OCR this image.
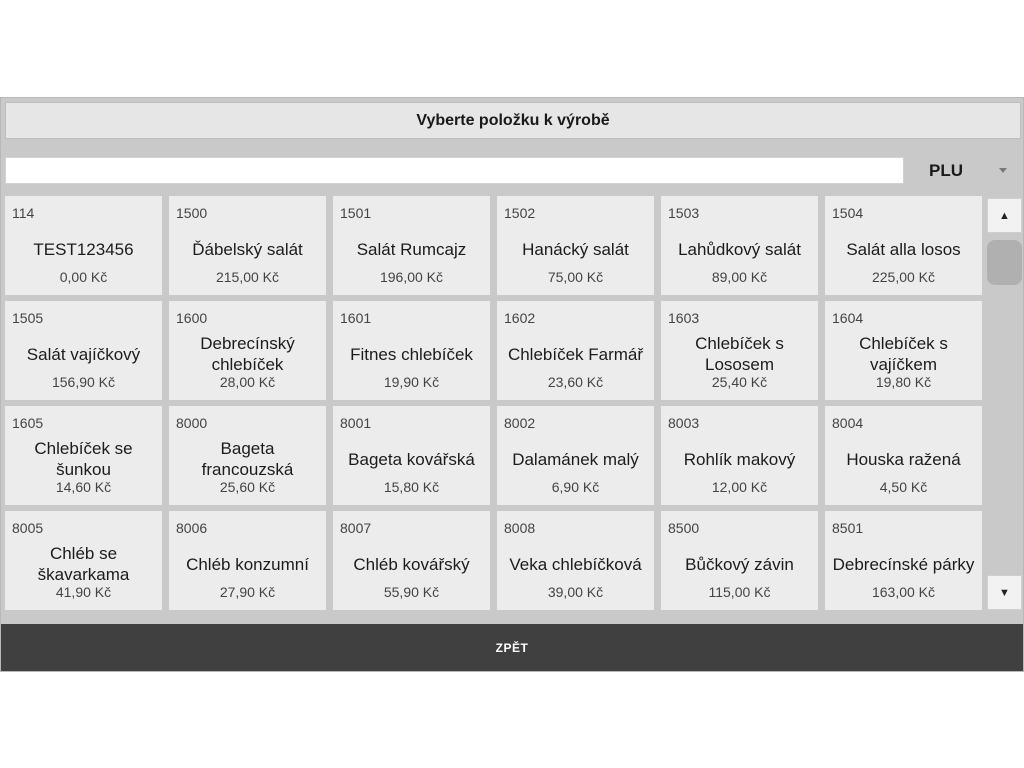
Vyberte položku k výrobě
PLU
114
TEST123456
0,00 Kč
1500
Ďábelský salát
215,00 Kč
1501
Salát Rumcajz
196,00 Kč
1502
Hanácký salát
75,00 Kč
1503
Lahůdkový salát
89,00 Kč
1504
Salát alla losos
225,00 Kč
1505
Salát vajíčkový
156,90 Kč
1600
Debrecínský chlebíček
28,00 Kč
1601
Fitnes chlebíček
19,90 Kč
1602
Chlebíček Farmář
23,60 Kč
1603
Chlebíček s Lososem
25,40 Kč
1604
Chlebíček s vajíčkem
19,80 Kč
1605
Chlebíček se šunkou
14,60 Kč
8000
Bageta francouzská
25,60 Kč
8001
Bageta kovářská
15,80 Kč
8002
Dalamánek malý
6,90 Kč
8003
Rohlík makový
12,00 Kč
8004
Houska ražená
4,50 Kč
8005
Chléb se škavarkama
41,90 Kč
8006
Chléb konzumní
27,90 Kč
8007
Chléb kovářský
55,90 Kč
8008
Veka chlebíčková
39,00 Kč
8500
Bůčkový závin
115,00 Kč
8501
Debrecínské párky
163,00 Kč
▲
▼
ZPĚT
